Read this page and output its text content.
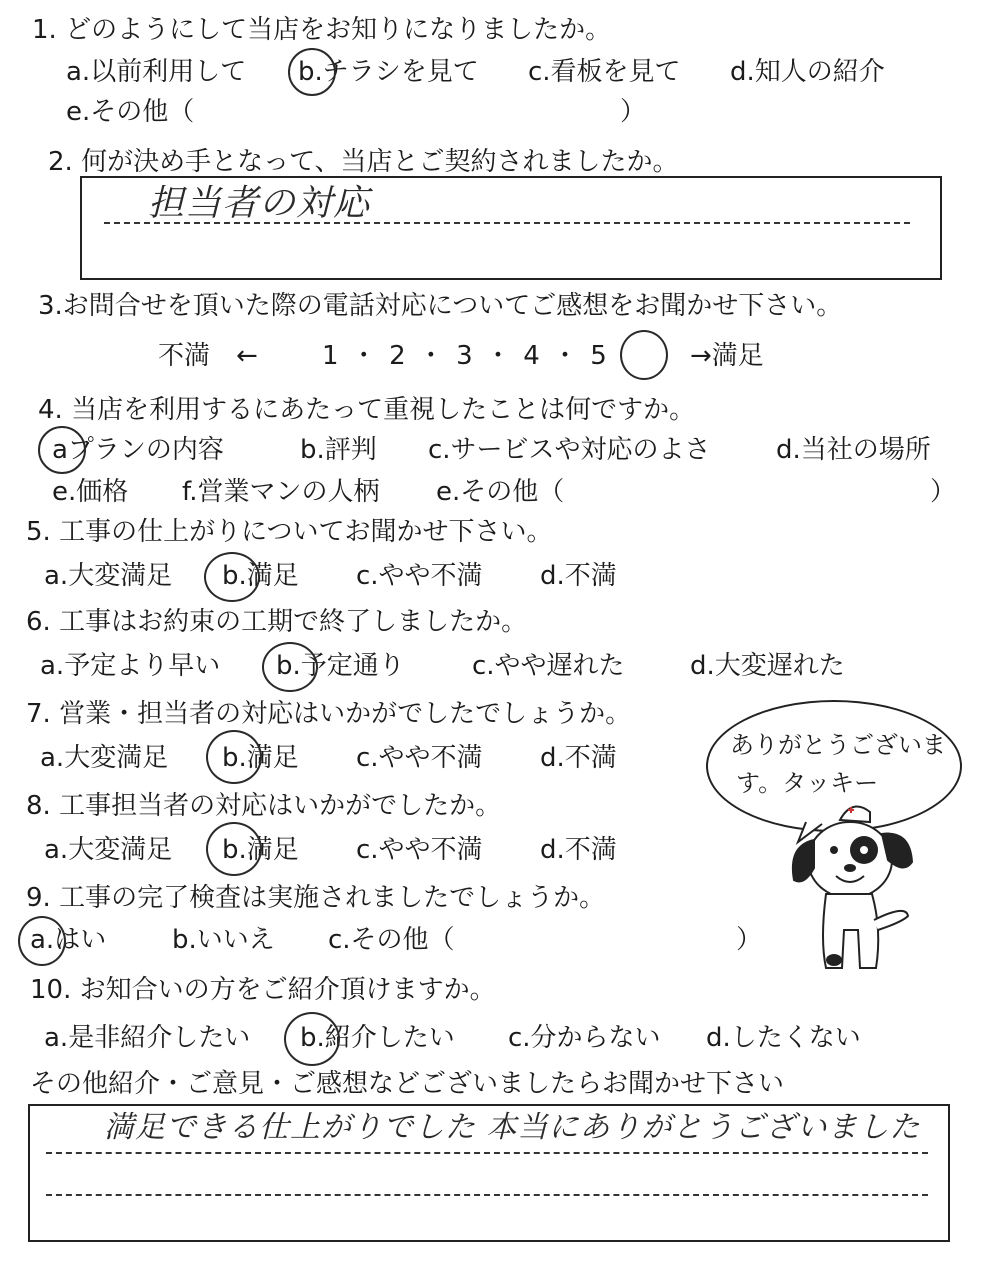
1. どのようにして当店をお知りになりましたか。
a.以前利用して b.チラシを見て c.看板を見て d.知人の紹介
e.その他（	）
2. 何が決め手となって、当店とご契約されましたか。
担当者の対応
3.お問合せを頂いた際の電話対応についてご感想をお聞かせ下さい。
不満　← 1 ・ 2 ・ 3 ・ 4 ・ 5	→満足
4. 当店を利用するにあたって重視したことは何ですか。
aプランの内容	b.評判 c.サービスや対応のよさ	d.当社の場所
e.価格 f.営業マンの人柄 e.その他（	）
5. 工事の仕上がりについてお聞かせ下さい。
a.大変満足 b.満足 c.やや不満 d.不満
6. 工事はお約束の工期で終了しましたか。
a.予定より早い b.予定通り	c.やや遅れた	d.大変遅れた
7. 営業・担当者の対応はいかがでしたでしょうか。
a.大変満足 b.満足 c.やや不満 d.不満
8. 工事担当者の対応はいかがでしたか。
a.大変満足 b.満足 c.やや不満 d.不満
9. 工事の完了検査は実施されましたでしょうか。
a.はい	b.いいえ c.その他（	）
10. お知合いの方をご紹介頂けますか。
a.是非紹介したい b.紹介したい c.分からない d.したくない
その他紹介・ご意見・ご感想などございましたらお聞かせ下さい
満足できる仕上がりでした 本当にありがとうございました
ありがとうございま
す。タッキー
